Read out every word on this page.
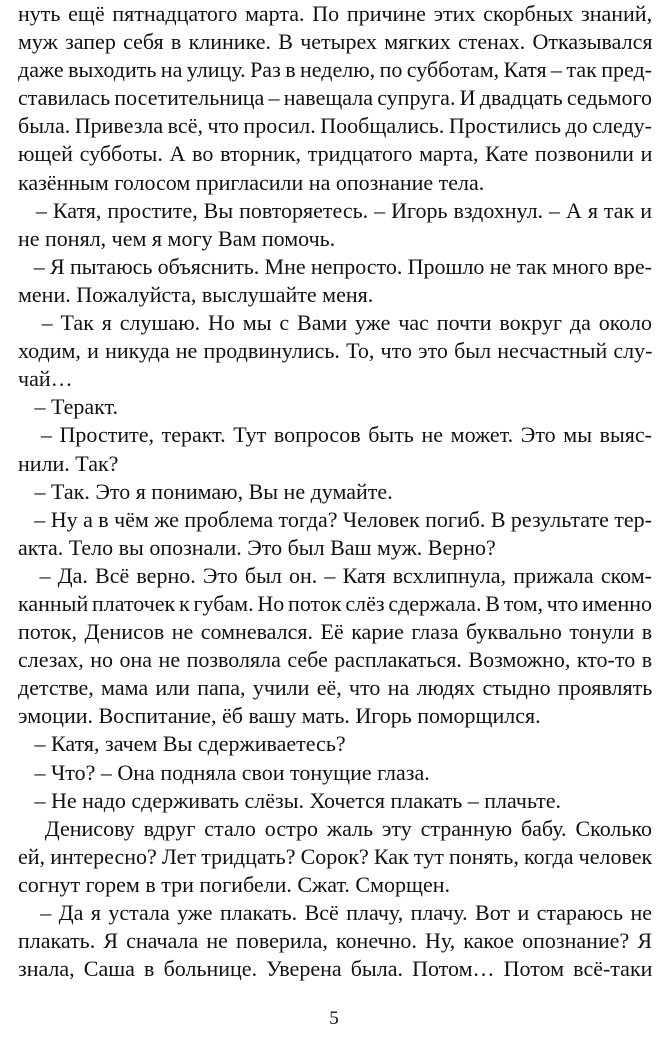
нуть ещё пятнадцатого марта. По причине этих скорбных знаний,
муж запер себя в клинике. В четырех мягких стенах. Отказывался
даже выходить на улицу. Раз в неделю, по субботам, Катя – так пред-
ставилась посетительница – навещала супруга. И двадцать седьмого
была. Привезла всё, что просил. Пообщались. Простились до следу-
ющей субботы. А во вторник, тридцатого марта, Кате позвонили и
казённым голосом пригласили на опознание тела.
– Катя, простите, Вы повторяетесь. – Игорь вздохнул. – А я так и
не понял, чем я могу Вам помочь.
– Я пытаюсь объяснить. Мне непросто. Прошло не так много вре-
мени. Пожалуйста, выслушайте меня.
– Так я слушаю. Но мы с Вами уже час почти вокруг да около
ходим, и никуда не продвинулись. То, что это был несчастный слу-
чай…
– Теракт.
– Простите, теракт. Тут вопросов быть не может. Это мы выяс-
нили. Так?
– Так. Это я понимаю, Вы не думайте.
– Ну а в чём же проблема тогда? Человек погиб. В результате тер-
акта. Тело вы опознали. Это был Ваш муж. Верно?
– Да. Всё верно. Это был он. – Катя всхлипнула, прижала ском-
канный платочек к губам. Но поток слёз сдержала. В том, что именно
поток, Денисов не сомневался. Её карие глаза буквально тонули в
слезах, но она не позволяла себе расплакаться. Возможно, кто-то в
детстве, мама или папа, учили её, что на людях стыдно проявлять
эмоции. Воспитание, ёб вашу мать. Игорь поморщился.
– Катя, зачем Вы сдерживаетесь?
– Что? – Она подняла свои тонущие глаза.
– Не надо сдерживать слёзы. Хочется плакать – плачьте.
Денисову вдруг стало остро жаль эту странную бабу. Сколько
ей, интересно? Лет тридцать? Сорок? Как тут понять, когда человек
согнут горем в три погибели. Сжат. Сморщен.
– Да я устала уже плакать. Всё плачу, плачу. Вот и стараюсь не
плакать. Я сначала не поверила, конечно. Ну, какое опознание? Я
знала, Саша в больнице. Уверена была. Потом… Потом всё-таки
5
